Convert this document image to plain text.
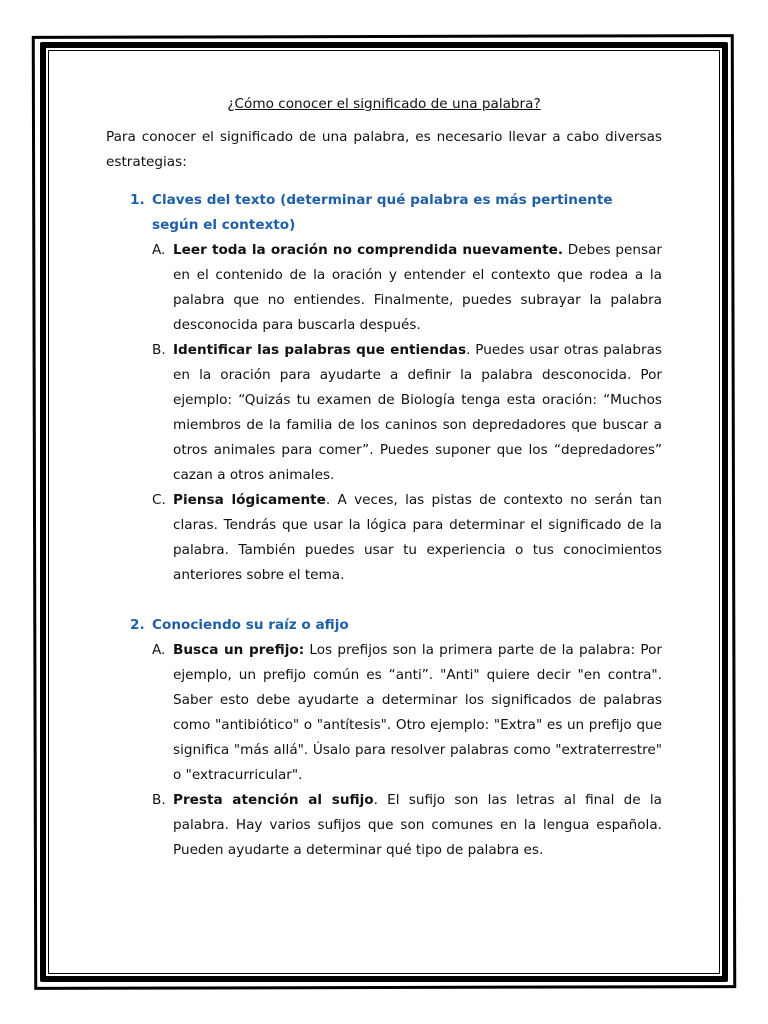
¿Cómo conocer el significado de una palabra?

Para conocer el significado de una palabra, es necesario llevar a cabo diversas estrategias:

1. Claves del texto (determinar qué palabra es más pertinente según el contexto)
A. Leer toda la oración no comprendida nuevamente. Debes pensar en el contenido de la oración y entender el contexto que rodea a la palabra que no entiendes. Finalmente, puedes subrayar la palabra desconocida para buscarla después.
B. Identificar las palabras que entiendas. Puedes usar otras palabras en la oración para ayudarte a definir la palabra desconocida. Por ejemplo: “Quizás tu examen de Biología tenga esta oración: “Muchos miembros de la familia de los caninos son depredadores que buscar a otros animales para comer”. Puedes suponer que los “depredadores” cazan a otros animales.
C. Piensa lógicamente. A veces, las pistas de contexto no serán tan claras. Tendrás que usar la lógica para determinar el significado de la palabra. También puedes usar tu experiencia o tus conocimientos anteriores sobre el tema.
2. Conociendo su raíz o afijo
A. Busca un prefijo: Los prefijos son la primera parte de la palabra: Por ejemplo, un prefijo común es “anti”. "Anti" quiere decir "en contra". Saber esto debe ayudarte a determinar los significados de palabras como "antibiótico" o "antítesis". Otro ejemplo: "Extra" es un prefijo que significa "más allá". Úsalo para resolver palabras como "extraterrestre" o "extracurricular".
B. Presta atención al sufijo. El sufijo son las letras al final de la palabra. Hay varios sufijos que son comunes en la lengua española. Pueden ayudarte a determinar qué tipo de palabra es.
